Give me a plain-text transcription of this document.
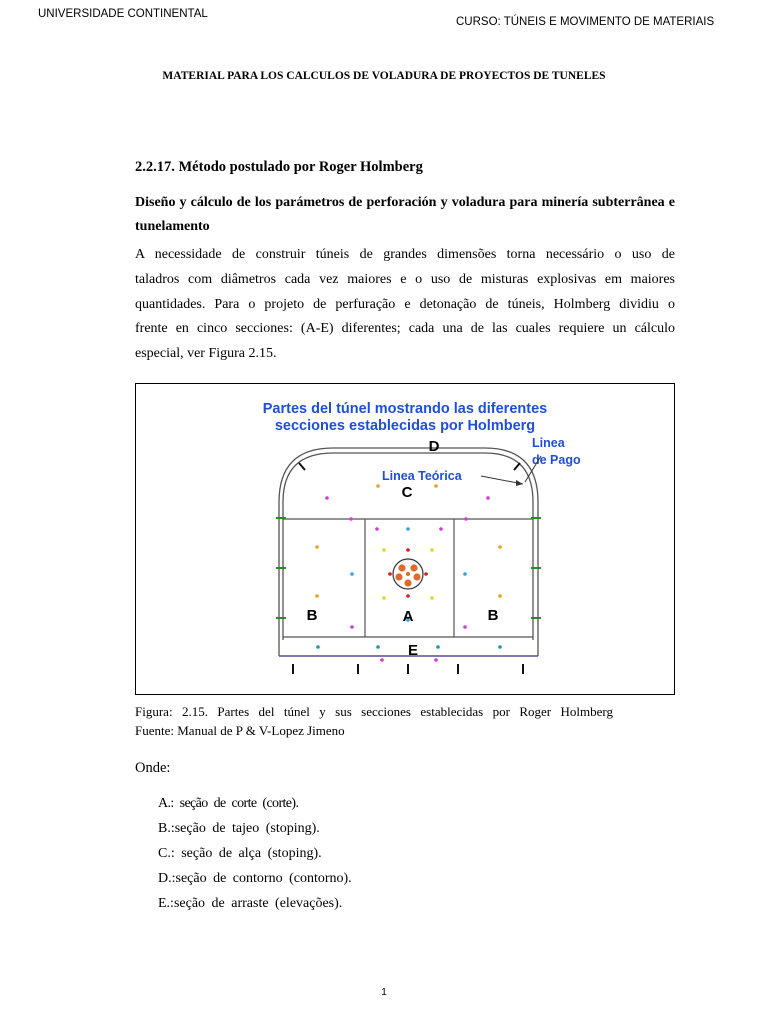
UNIVERSIDADE CONTINENTAL
CURSO: TÚNEIS E MOVIMENTO DE MATERIAIS
MATERIAL PARA LOS CALCULOS DE VOLADURA DE PROYECTOS DE TUNELES
2.2.17. Método postulado por Roger Holmberg
Diseño y cálculo de los parámetros de perforación y voladura para minería subterrânea e tunelamento
A necessidade de construir túneis de grandes dimensões torna necessário o uso de
taladros com diâmetros cada vez maiores e o uso de misturas explosivas em maiores
quantidades. Para o projeto de perfuração e detonação de túneis, Holmberg dividiu o
frente en cinco secciones: (A-E) diferentes; cada una de las cuales requiere un cálculo
especial, ver Figura 2.15.
Partes del túnel mostrando las diferentes
secciones establecidas por Holmberg
D
C
A
B	B
E
Linea Teórica
Linea
de Pago
Figura: 2.15. Partes del túnel y sus secciones establecidas por Roger Holmberg
Fuente: Manual de P & V-Lopez Jimeno
Onde:
A.: seção de corte (corte).
B.:seção de tajeo (stoping).
C.: seção de alça (stoping).
D.:seção de contorno (contorno).
E.:seção de arraste (elevações).
1
